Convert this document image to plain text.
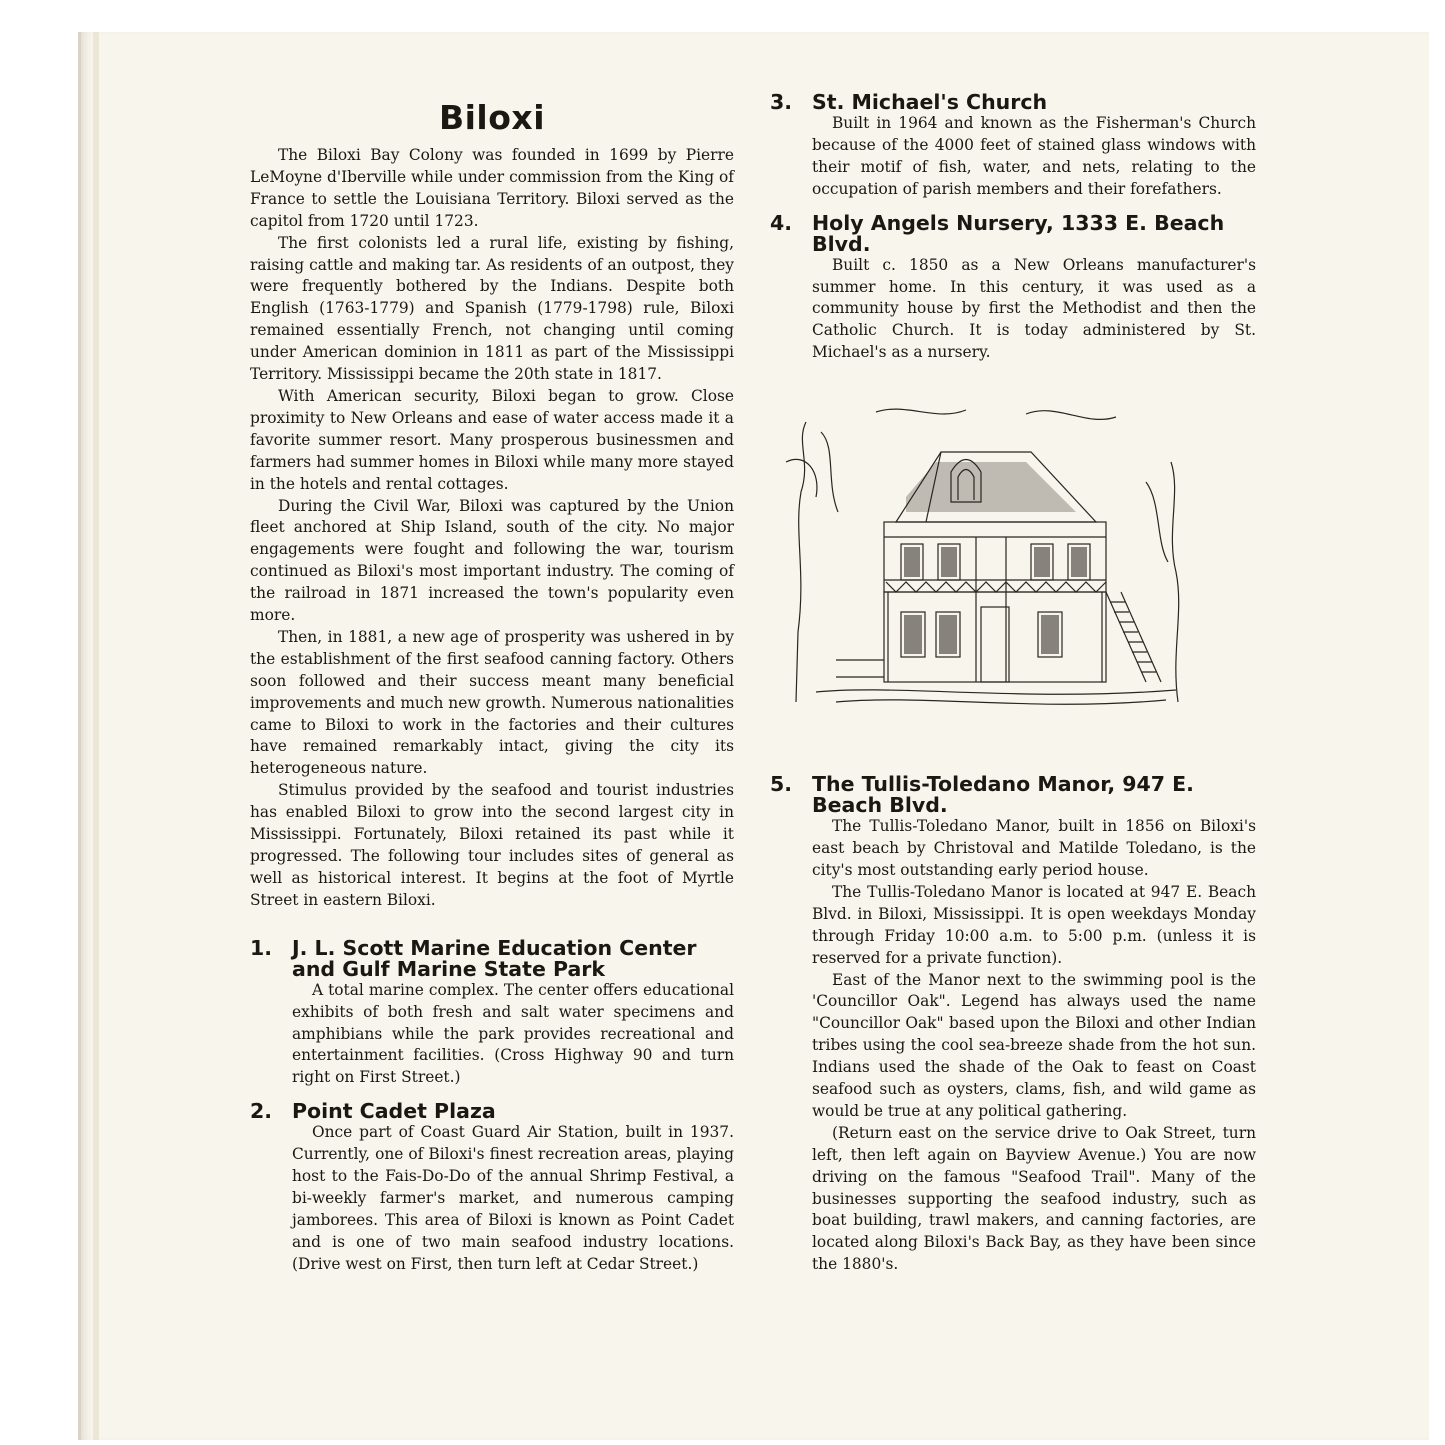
Biloxi

The Biloxi Bay Colony was founded in 1699 by Pierre LeMoyne d'Iberville while under commission from the King of France to settle the Louisiana Territory. Biloxi served as the capitol from 1720 until 1723.

The first colonists led a rural life, existing by fishing, raising cattle and making tar. As residents of an outpost, they were frequently bothered by the Indians. Despite both English (1763-1779) and Spanish (1779-1798) rule, Biloxi remained essentially French, not changing until coming under American dominion in 1811 as part of the Mississippi Territory. Mississippi became the 20th state in 1817.

With American security, Biloxi began to grow. Close proximity to New Orleans and ease of water access made it a favorite summer resort. Many prosperous businessmen and farmers had summer homes in Biloxi while many more stayed in the hotels and rental cottages.

During the Civil War, Biloxi was captured by the Union fleet anchored at Ship Island, south of the city. No major engagements were fought and following the war, tourism continued as Biloxi's most important industry. The coming of the railroad in 1871 increased the town's popularity even more.

Then, in 1881, a new age of prosperity was ushered in by the establishment of the first seafood canning factory. Others soon followed and their success meant many beneficial improvements and much new growth. Numerous nationalities came to Biloxi to work in the factories and their cultures have remained remarkably intact, giving the city its heterogeneous nature.

Stimulus provided by the seafood and tourist industries has enabled Biloxi to grow into the second largest city in Mississippi. Fortunately, Biloxi retained its past while it progressed. The following tour includes sites of general as well as historical interest. It begins at the foot of Myrtle Street in eastern Biloxi.

1. J. L. Scott Marine Education Center and Gulf Marine State Park

A total marine complex. The center offers educational exhibits of both fresh and salt water specimens and amphibians while the park provides recreational and entertainment facilities. (Cross Highway 90 and turn right on First Street.)

2. Point Cadet Plaza

Once part of Coast Guard Air Station, built in 1937. Currently, one of Biloxi's finest recreation areas, playing host to the Fais-Do-Do of the annual Shrimp Festival, a bi-weekly farmer's market, and numerous camping jamborees. This area of Biloxi is known as Point Cadet and is one of two main seafood industry locations. (Drive west on First, then turn left at Cedar Street.)

3. St. Michael's Church

Built in 1964 and known as the Fisherman's Church because of the 4000 feet of stained glass windows with their motif of fish, water, and nets, relating to the occupation of parish members and their forefathers.

4. Holy Angels Nursery, 1333 E. Beach Blvd.

Built c. 1850 as a New Orleans manufacturer's summer home. In this century, it was used as a community house by first the Methodist and then the Catholic Church. It is today administered by St. Michael's as a nursery.

5. The Tullis-Toledano Manor, 947 E. Beach Blvd.

The Tullis-Toledano Manor, built in 1856 on Biloxi's east beach by Christoval and Matilde Toledano, is the city's most outstanding early period house.

The Tullis-Toledano Manor is located at 947 E. Beach Blvd. in Biloxi, Mississippi. It is open weekdays Monday through Friday 10:00 a.m. to 5:00 p.m. (unless it is reserved for a private function).

East of the Manor next to the swimming pool is the 'Councillor Oak". Legend has always used the name "Councillor Oak" based upon the Biloxi and other Indian tribes using the cool sea-breeze shade from the hot sun. Indians used the shade of the Oak to feast on Coast seafood such as oysters, clams, fish, and wild game as would be true at any political gathering.

(Return east on the service drive to Oak Street, turn left, then left again on Bayview Avenue.) You are now driving on the famous "Seafood Trail". Many of the businesses supporting the seafood industry, such as boat building, trawl makers, and canning factories, are located along Biloxi's Back Bay, as they have been since the 1880's.
